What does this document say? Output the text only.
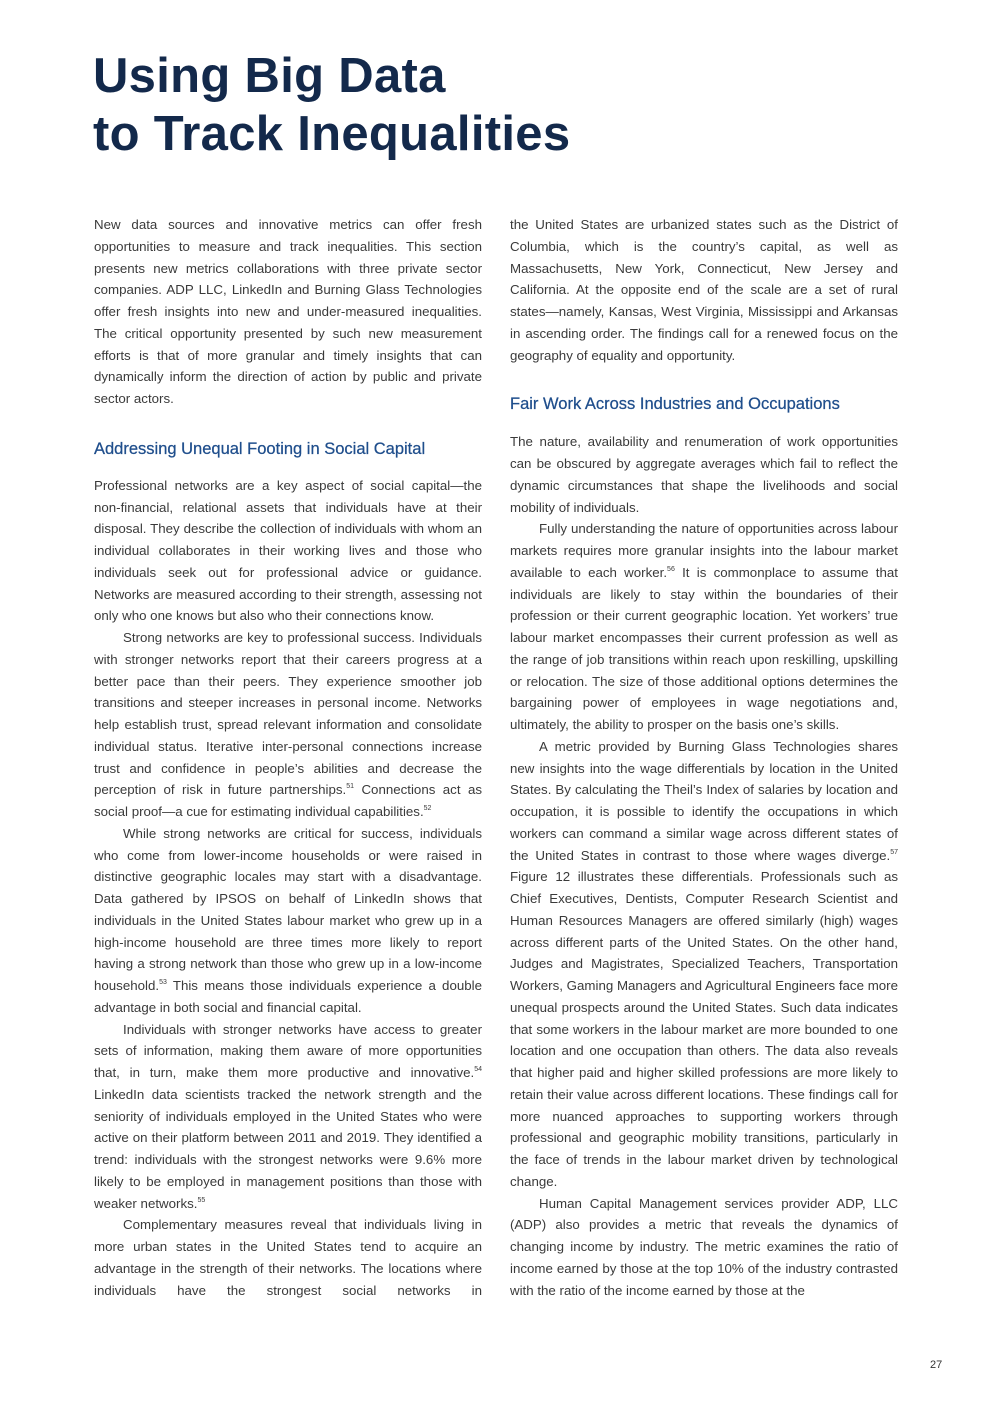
Using Big Data
to Track Inequalities

New data sources and innovative metrics can offer fresh opportunities to measure and track inequalities. This section presents new metrics collaborations with three private sector companies. ADP LLC, LinkedIn and Burning Glass Technologies offer fresh insights into new and under-measured inequalities. The critical opportunity presented by such new measurement efforts is that of more granular and timely insights that can dynamically inform the direction of action by public and private sector actors.

Addressing Unequal Footing in Social Capital

Professional networks are a key aspect of social capital—the non-financial, relational assets that individuals have at their disposal. They describe the collection of individuals with whom an individual collaborates in their working lives and those who individuals seek out for professional advice or guidance. Networks are measured according to their strength, assessing not only who one knows but also who their connections know.

Strong networks are key to professional success. Individuals with stronger networks report that their careers progress at a better pace than their peers. They experience smoother job transitions and steeper increases in personal income. Networks help establish trust, spread relevant information and consolidate individual status. Iterative inter-personal connections increase trust and confidence in people’s abilities and decrease the perception of risk in future partnerships.$^{51}$ Connections act as social proof—a cue for estimating individual capabilities.$^{52}$

While strong networks are critical for success, individuals who come from lower-income households or were raised in distinctive geographic locales may start with a disadvantage. Data gathered by IPSOS on behalf of LinkedIn shows that individuals in the United States labour market who grew up in a high-income household are three times more likely to report having a strong network than those who grew up in a low-income household.$^{53}$ This means those individuals experience a double advantage in both social and financial capital.

Individuals with stronger networks have access to greater sets of information, making them aware of more opportunities that, in turn, make them more productive and innovative.$^{54}$ LinkedIn data scientists tracked the network strength and the seniority of individuals employed in the United States who were active on their platform between 2011 and 2019. They identified a trend: individuals with the strongest networks were 9.6% more likely to be employed in management positions than those with weaker networks.$^{55}$

Complementary measures reveal that individuals living in more urban states in the United States tend to acquire an advantage in the strength of their networks. The locations where individuals have the strongest social networks in

the United States are urbanized states such as the District of Columbia, which is the country’s capital, as well as Massachusetts, New York, Connecticut, New Jersey and California. At the opposite end of the scale are a set of rural states—namely, Kansas, West Virginia, Mississippi and Arkansas in ascending order. The findings call for a renewed focus on the geography of equality and opportunity.

Fair Work Across Industries and Occupations

The nature, availability and renumeration of work opportunities can be obscured by aggregate averages which fail to reflect the dynamic circumstances that shape the livelihoods and social mobility of individuals.

Fully understanding the nature of opportunities across labour markets requires more granular insights into the labour market available to each worker.$^{56}$ It is commonplace to assume that individuals are likely to stay within the boundaries of their profession or their current geographic location. Yet workers’ true labour market encompasses their current profession as well as the range of job transitions within reach upon reskilling, upskilling or relocation. The size of those additional options determines the bargaining power of employees in wage negotiations and, ultimately, the ability to prosper on the basis one’s skills.

A metric provided by Burning Glass Technologies shares new insights into the wage differentials by location in the United States. By calculating the Theil’s Index of salaries by location and occupation, it is possible to identify the occupations in which workers can command a similar wage across different states of the United States in contrast to those where wages diverge.$^{57}$ Figure 12 illustrates these differentials. Professionals such as Chief Executives, Dentists, Computer Research Scientist and Human Resources Managers are offered similarly (high) wages across different parts of the United States. On the other hand, Judges and Magistrates, Specialized Teachers, Transportation Workers, Gaming Managers and Agricultural Engineers face more unequal prospects around the United States. Such data indicates that some workers in the labour market are more bounded to one location and one occupation than others. The data also reveals that higher paid and higher skilled professions are more likely to retain their value across different locations. These findings call for more nuanced approaches to supporting workers through professional and geographic mobility transitions, particularly in the face of trends in the labour market driven by technological change.

Human Capital Management services provider ADP, LLC (ADP) also provides a metric that reveals the dynamics of changing income by industry. The metric examines the ratio of income earned by those at the top 10% of the industry contrasted with the ratio of the income earned by those at the

27
